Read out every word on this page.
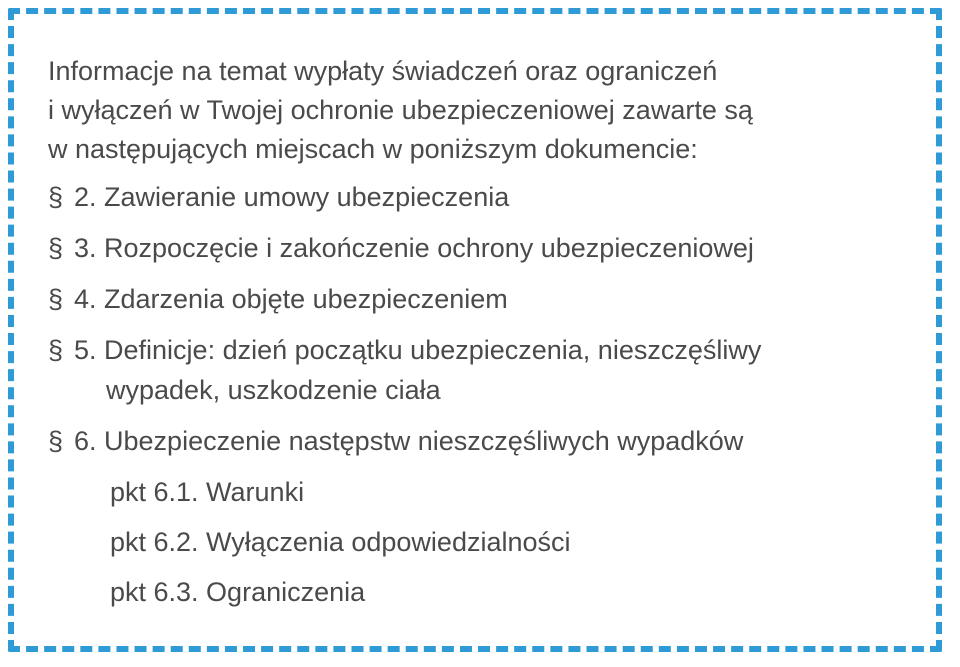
Informacje na temat wypłaty świadczeń oraz ograniczeń
i wyłączeń w Twojej ochronie ubezpieczeniowej zawarte są
w następujących miejscach w poniższym dokumencie:

§ 2. Zawieranie umowy ubezpieczenia
§ 3. Rozpoczęcie i zakończenie ochrony ubezpieczeniowej
§ 4. Zdarzenia objęte ubezpieczeniem
§ 5. Definicje: dzień początku ubezpieczenia, nieszczęśliwy
wypadek, uszkodzenie ciała
§ 6. Ubezpieczenie następstw nieszczęśliwych wypadków
pkt 6.1. Warunki
pkt 6.2. Wyłączenia odpowiedzialności
pkt 6.3. Ograniczenia
